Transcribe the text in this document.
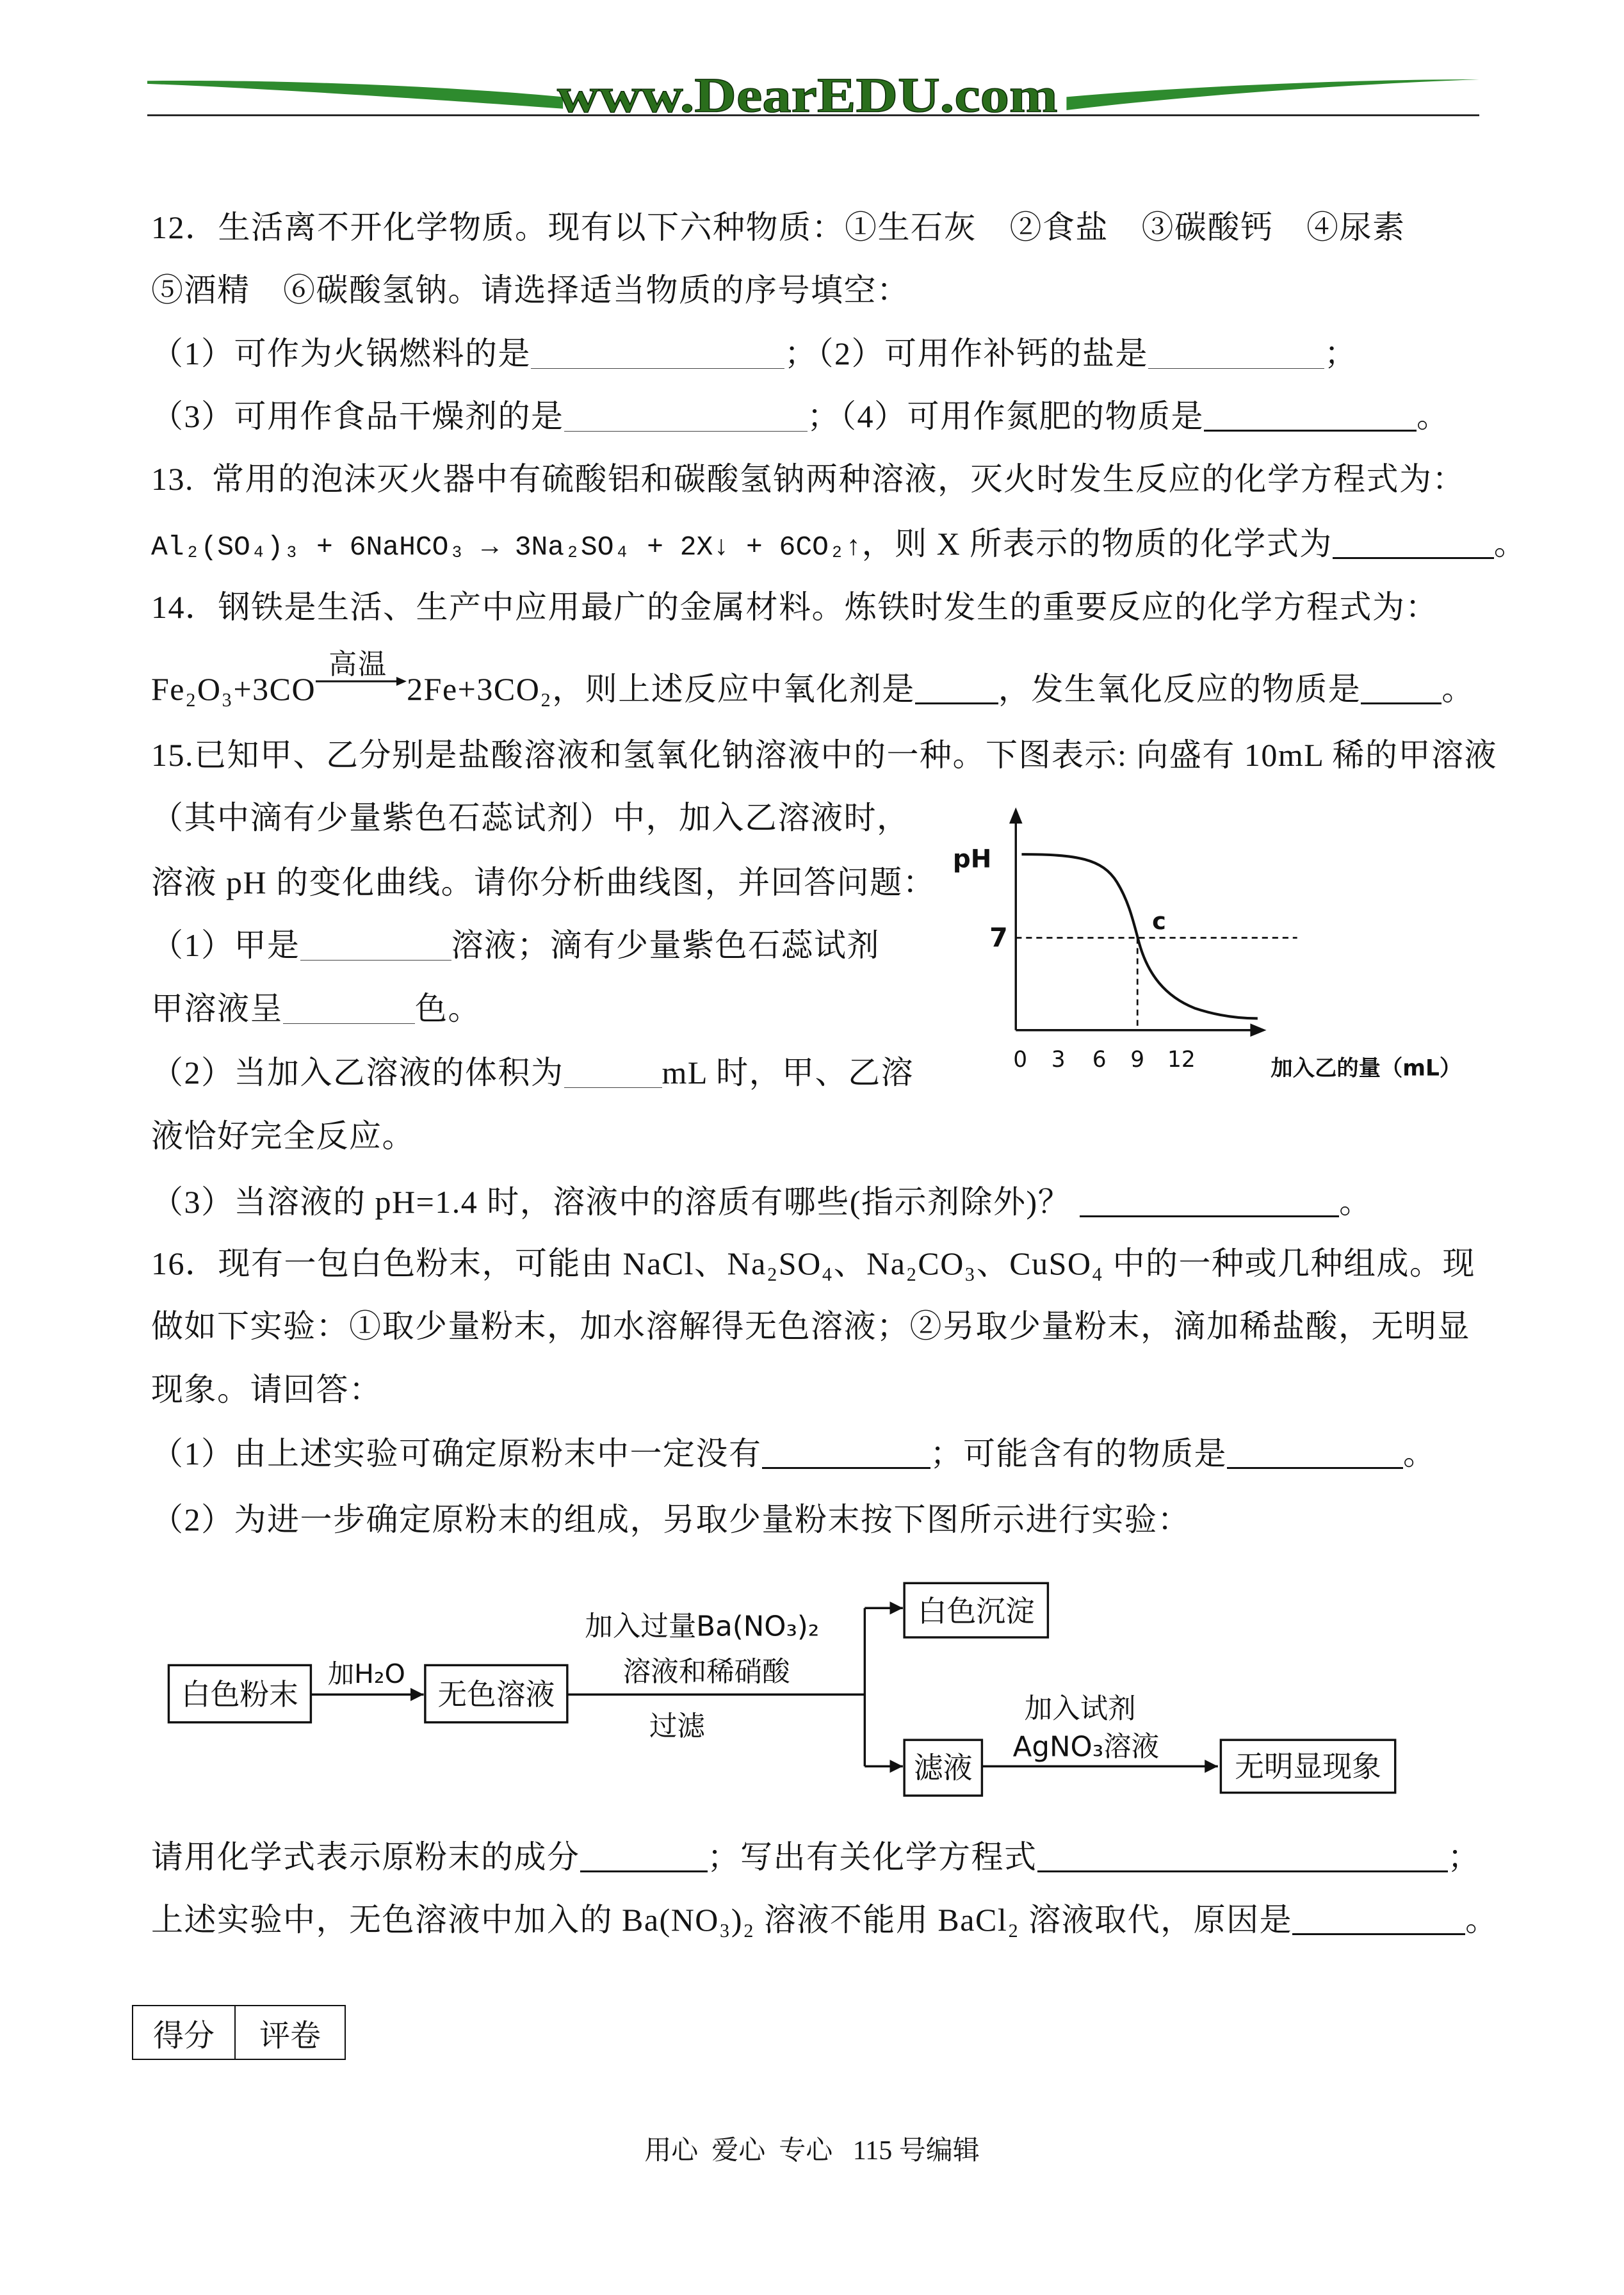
www.DearEDU.com
12．生活离不开化学物质。现有以下六种物质：①生石灰　②食盐　③碳酸钙　④尿素
⑤酒精　⑥碳酸氢钠。请选择适当物质的序号填空：
（1）可作为火锅燃料的是	；（2）可用作补钙的盐是	；
（3）可用作食品干燥剂的是	；（4）可用作氮肥的物质是	。
13.  常用的泡沫灭火器中有硫酸铝和碳酸氢钠两种溶液，灭火时发生反应的化学方程式为：
Al₂(SO₄)₃ + 6NaHCO₃ → 3Na₂SO₄ + 2X↓ + 6CO₂↑，则 X 所表示的物质的化学式为	。
14．钢铁是生活、生产中应用最广的金属材料。炼铁时发生的重要反应的化学方程式为：
Fe₂O₃+3CO
高温
2Fe+3CO₂，则上述反应中氧化剂是	，发生氧化反应的物质是	。
15.已知甲、乙分别是盐酸溶液和氢氧化钠溶液中的一种。下图表示: 向盛有 10mL 稀的甲溶液
（其中滴有少量紫色石蕊试剂）中，加入乙溶液时，
溶液 pH 的变化曲线。请你分析曲线图，并回答问题：
（1）甲是	溶液；滴有少量紫色石蕊试剂
甲溶液呈	色。
（2）当加入乙溶液的体积为	mL 时，甲、乙溶
液恰好完全反应。
（3）当溶液的 pH=1.4 时，溶液中的溶质有哪些(指示剂除外)？	。
pH
7
c
0	3	6	9 12	加入乙的量（mL）
16．现有一包白色粉末，可能由 NaCl、Na₂SO₄、Na₂CO₃、CuSO₄ 中的一种或几种组成。现
做如下实验：①取少量粉末，加水溶解得无色溶液；②另取少量粉末，滴加稀盐酸，无明显
现象。请回答：
（1）由上述实验可确定原粉末中一定没有	；可能含有的物质是	。
（2）为进一步确定原粉末的组成，另取少量粉末按下图所示进行实验：
白色粉末
加H₂O
无色溶液
加入过量Ba(NO₃)₂
溶液和稀硝酸
过滤
白色沉淀
滤液
加入试剂
AgNO₃溶液
无明显现象
请用化学式表示原粉末的成分	；写出有关化学方程式	；
上述实验中，无色溶液中加入的 Ba(NO₃)₂ 溶液不能用 BaCl₂ 溶液取代，原因是	。
得分 评卷
用心  爱心  专心   115 号编辑
